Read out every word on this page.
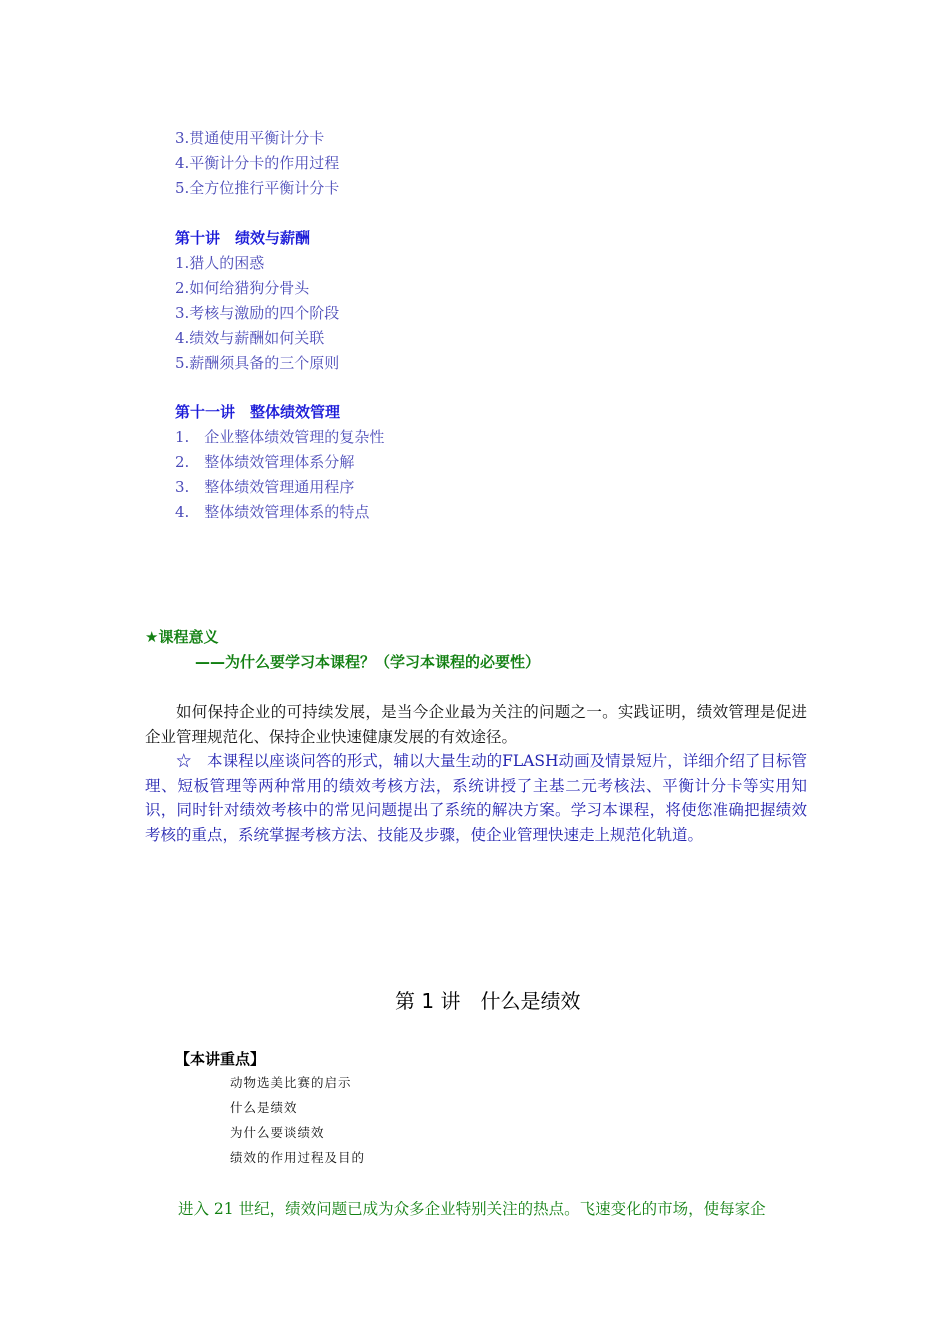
3.贯通使用平衡计分卡
4.平衡计分卡的作用过程
5.全方位推行平衡计分卡
第十讲　绩效与薪酬
1.猎人的困惑
2.如何给猎狗分骨头
3.考核与激励的四个阶段
4.绩效与薪酬如何关联
5.薪酬须具备的三个原则
第十一讲　整体绩效管理
1.　企业整体绩效管理的复杂性
2.　整体绩效管理体系分解
3.　整体绩效管理通用程序
4.　整体绩效管理体系的特点
★课程意义
——为什么要学习本课程？（学习本课程的必要性）
如何保持企业的可持续发展，是当今企业最为关注的问题之一。实践证明，绩效管理是促进企业管理规范化、保持企业快速健康发展的有效途径。
☆　本课程以座谈问答的形式，辅以大量生动的FLASH动画及情景短片，详细介绍了目标管理、短板管理等两种常用的绩效考核方法，系统讲授了主基二元考核法、平衡计分卡等实用知识，同时针对绩效考核中的常见问题提出了系统的解决方案。学习本课程，将使您准确把握绩效考核的重点，系统掌握考核方法、技能及步骤，使企业管理快速走上规范化轨道。
第 1 讲　什么是绩效
【本讲重点】
动物选美比赛的启示
什么是绩效
为什么要谈绩效
绩效的作用过程及目的
进入 21 世纪，绩效问题已成为众多企业特别关注的热点。飞速变化的市场，使每家企
